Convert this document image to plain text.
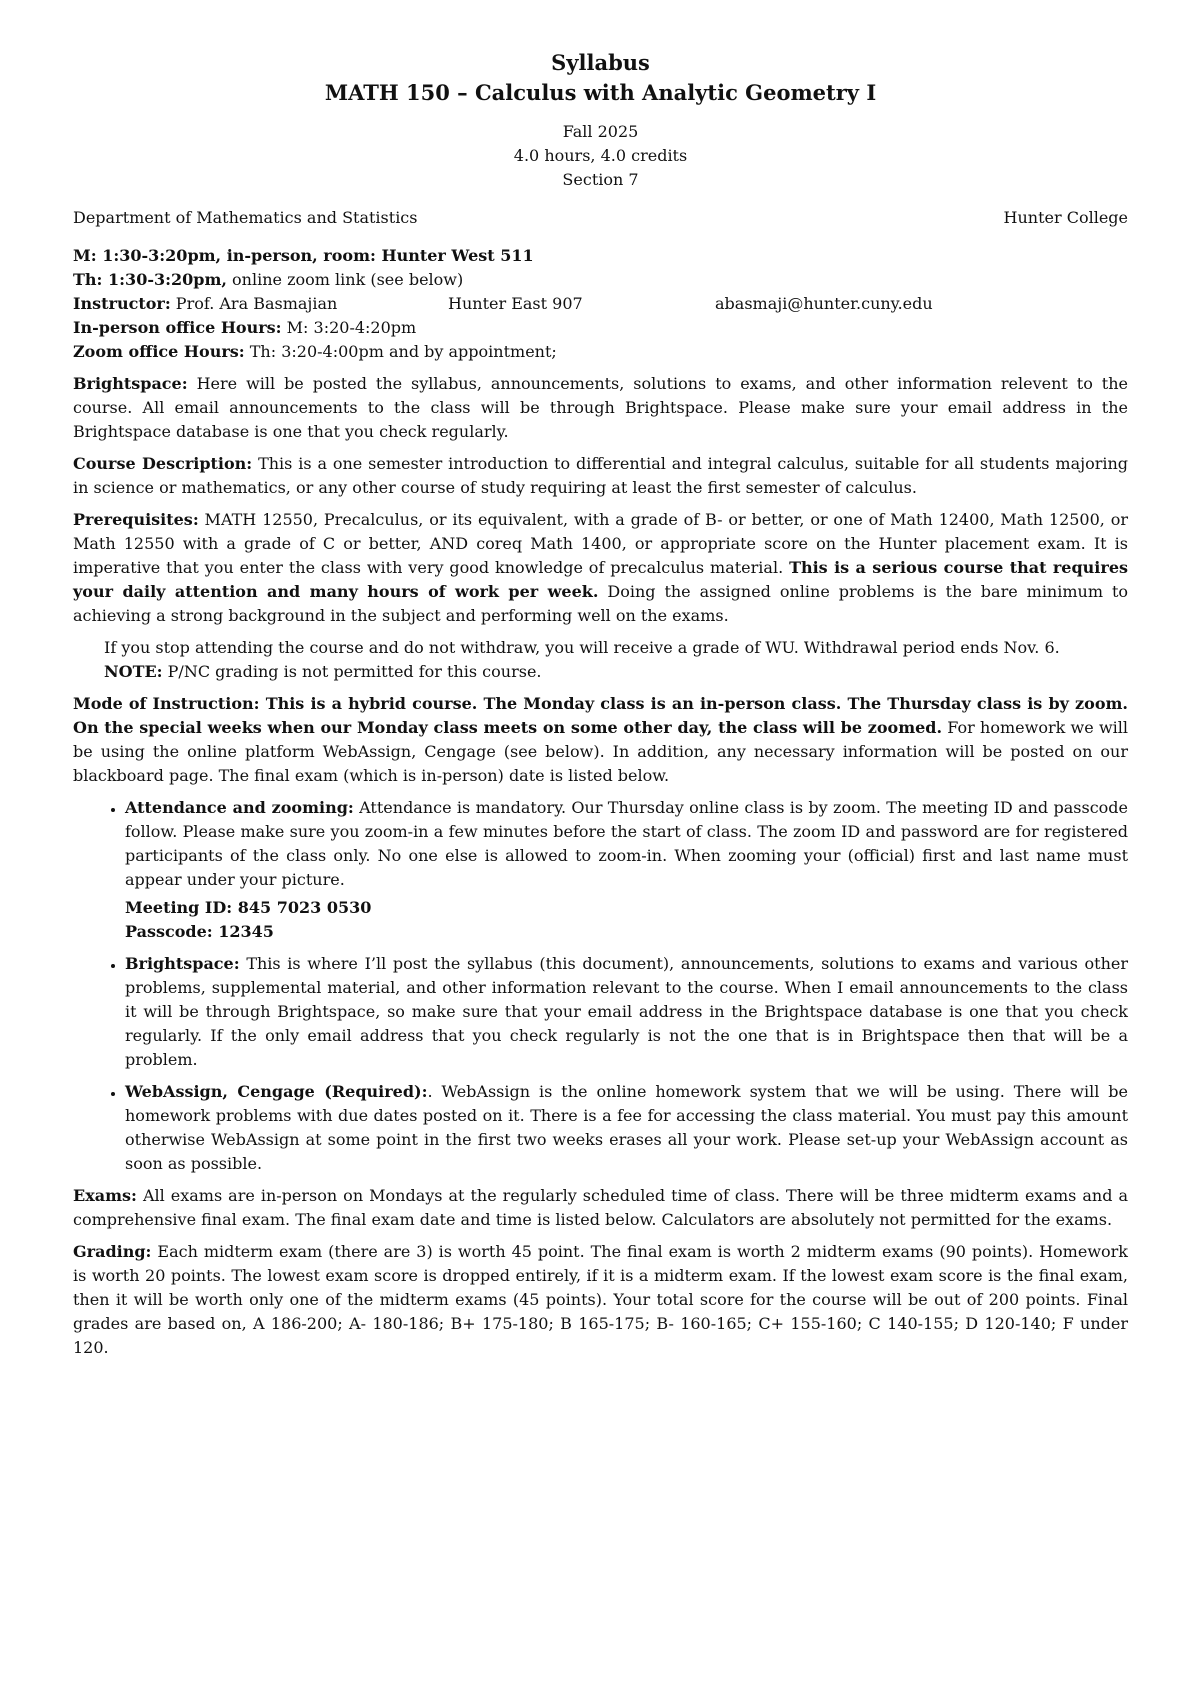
Syllabus
MATH 150 – Calculus with Analytic Geometry I
Fall 2025
4.0 hours, 4.0 credits
Section 7
Department of Mathematics and Statistics	Hunter College
M: 1:30-3:20pm, in-person, room: Hunter West 511
Th: 1:30-3:20pm, online zoom link (see below)
Instructor: Prof. Ara Basmajian	Hunter East 907	abasmaji@hunter.cuny.edu
In-person office Hours: M: 3:20-4:20pm
Zoom office Hours: Th: 3:20-4:00pm and by appointment;

Brightspace: Here will be posted the syllabus, announcements, solutions to exams, and other information relevent to the course. All email announcements to the class will be through Brightspace. Please make sure your email address in the Brightspace database is one that you check regularly.

Course Description: This is a one semester introduction to differential and integral calculus, suitable for all students majoring in science or mathematics, or any other course of study requiring at least the first semester of calculus.

Prerequisites: MATH 12550, Precalculus, or its equivalent, with a grade of B- or better, or one of Math 12400, Math 12500, or Math 12550 with a grade of C or better, AND coreq Math 1400, or appropriate score on the Hunter placement exam. It is imperative that you enter the class with very good knowledge of precalculus material. This is a serious course that requires your daily attention and many hours of work per week. Doing the assigned online problems is the bare minimum to achieving a strong background in the subject and performing well on the exams.

If you stop attending the course and do not withdraw, you will receive a grade of WU. Withdrawal period ends Nov. 6.
NOTE: P/NC grading is not permitted for this course.

Mode of Instruction: This is a hybrid course. The Monday class is an in-person class. The Thursday class is by zoom. On the special weeks when our Monday class meets on some other day, the class will be zoomed. For homework we will be using the online platform WebAssign, Cengage (see below). In addition, any necessary information will be posted on our blackboard page. The final exam (which is in-person) date is listed below.

• Attendance and zooming: Attendance is mandatory. Our Thursday online class is by zoom. The meeting ID and passcode follow. Please make sure you zoom-in a few minutes before the start of class. The zoom ID and password are for registered participants of the class only. No one else is allowed to zoom-in. When zooming your (official) first and last name must appear under your picture.
Meeting ID: 845 7023 0530
Passcode: 12345
• Brightspace: This is where I’ll post the syllabus (this document), announcements, solutions to exams and various other problems, supplemental material, and other information relevant to the course. When I email announcements to the class it will be through Brightspace, so make sure that your email address in the Brightspace database is one that you check regularly. If the only email address that you check regularly is not the one that is in Brightspace then that will be a problem.
• WebAssign, Cengage (Required):. WebAssign is the online homework system that we will be using. There will be homework problems with due dates posted on it. There is a fee for accessing the class material. You must pay this amount otherwise WebAssign at some point in the first two weeks erases all your work. Please set-up your WebAssign account as soon as possible.

Exams: All exams are in-person on Mondays at the regularly scheduled time of class. There will be three midterm exams and a comprehensive final exam. The final exam date and time is listed below. Calculators are absolutely not permitted for the exams.

Grading: Each midterm exam (there are 3) is worth 45 point. The final exam is worth 2 midterm exams (90 points). Homework is worth 20 points. The lowest exam score is dropped entirely, if it is a midterm exam. If the lowest exam score is the final exam, then it will be worth only one of the midterm exams (45 points). Your total score for the course will be out of 200 points. Final grades are based on, A 186-200; A- 180-186; B+ 175-180; B 165-175; B- 160-165; C+ 155-160; C 140-155; D 120-140; F under 120.
